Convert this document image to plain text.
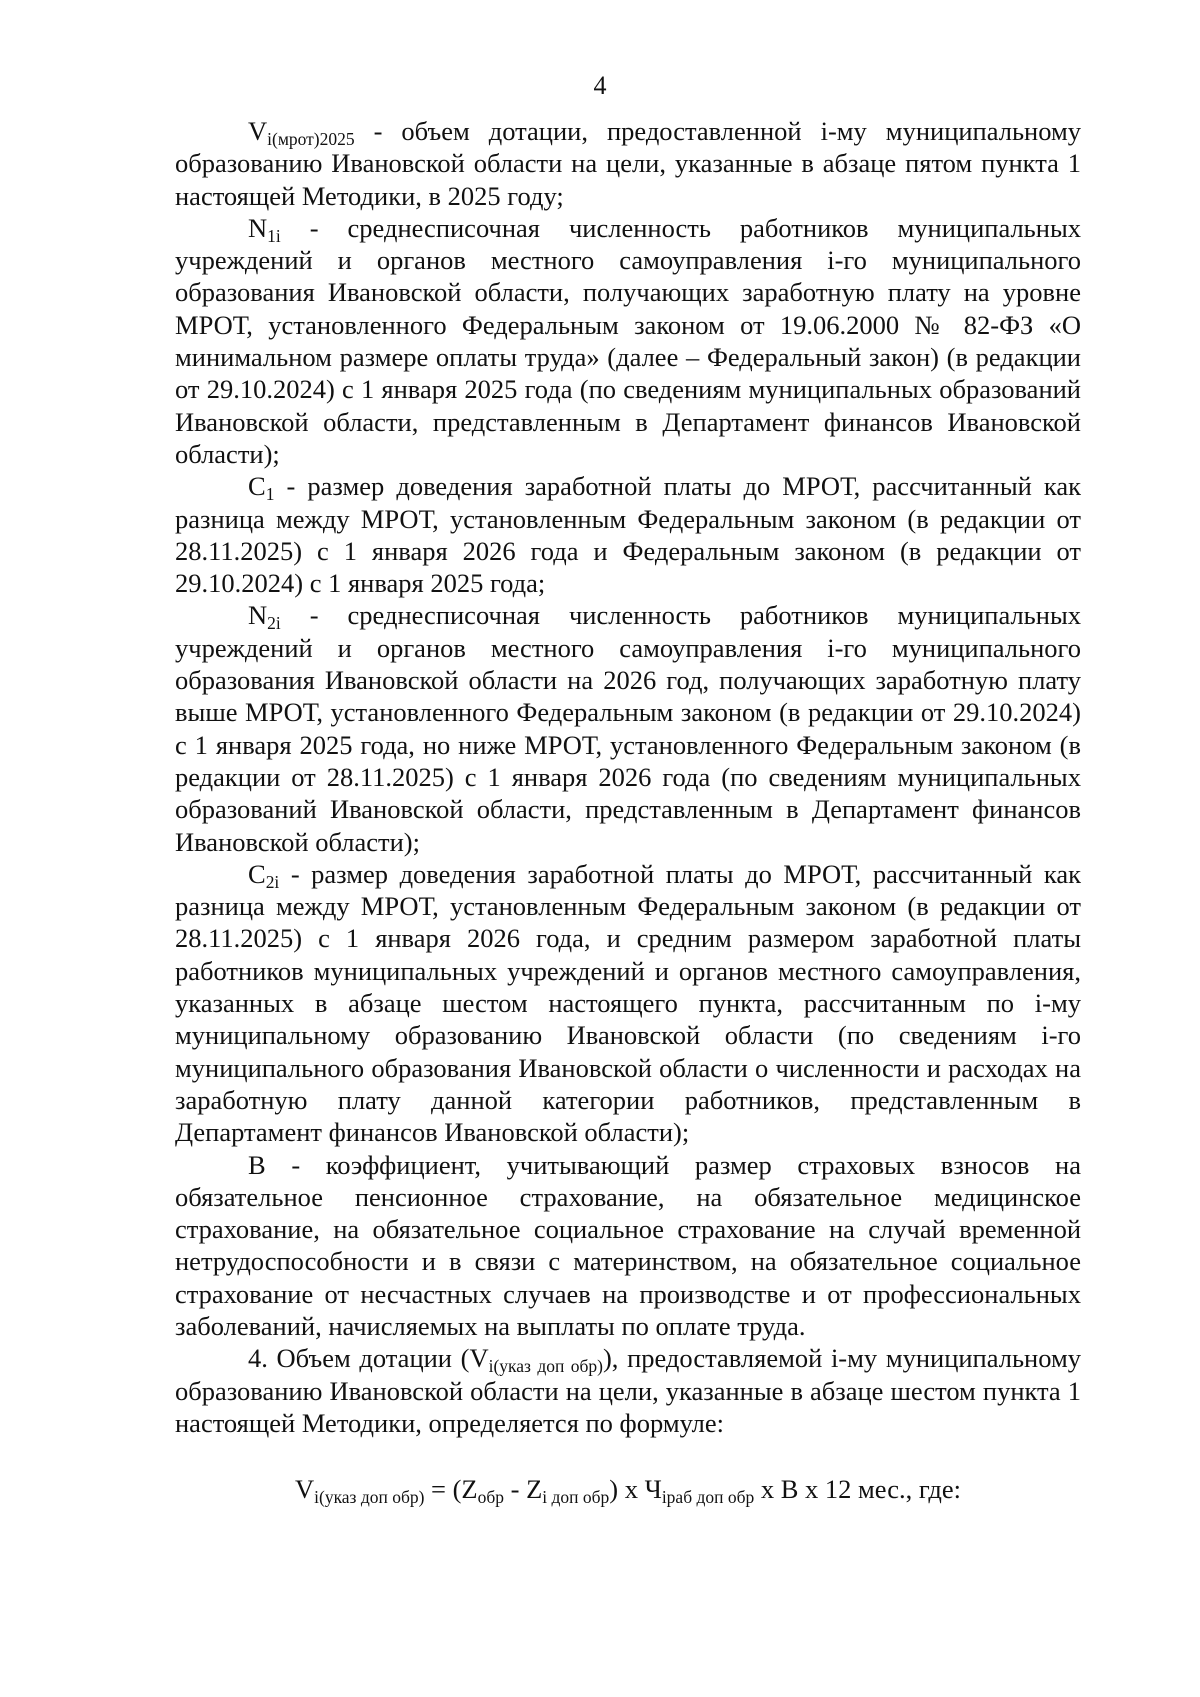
4

$V_{i(мрот)2025}$ - объем дотации, предоставленной i-му муниципальному образованию Ивановской области на цели, указанные в абзаце пятом пункта 1 настоящей Методики, в 2025 году;

$N_{1i}$ - среднесписочная численность работников муниципальных учреждений и органов местного самоуправления i-го муниципального образования Ивановской области, получающих заработную плату на уровне МРОТ, установленного Федеральным законом от 19.06.2000 № 82-ФЗ «О минимальном размере оплаты труда» (далее – Федеральный закон) (в редакции от 29.10.2024) с 1 января 2025 года (по сведениям муниципальных образований Ивановской области, представленным в Департамент финансов Ивановской области);

$C_1$ - размер доведения заработной платы до МРОТ, рассчитанный как разница между МРОТ, установленным Федеральным законом (в редакции от 28.11.2025) с 1 января 2026 года и Федеральным законом (в редакции от 29.10.2024) с 1 января 2025 года;

$N_{2i}$ - среднесписочная численность работников муниципальных учреждений и органов местного самоуправления i-го муниципального образования Ивановской области на 2026 год, получающих заработную плату выше МРОТ, установленного Федеральным законом (в редакции от 29.10.2024) с 1 января 2025 года, но ниже МРОТ, установленного Федеральным законом (в редакции от 28.11.2025) с 1 января 2026 года (по сведениям муниципальных образований Ивановской области, представленным в Департамент финансов Ивановской области);

$C_{2i}$ - размер доведения заработной платы до МРОТ, рассчитанный как разница между МРОТ, установленным Федеральным законом (в редакции от 28.11.2025) с 1 января 2026 года, и средним размером заработной платы работников муниципальных учреждений и органов местного самоуправления, указанных в абзаце шестом настоящего пункта, рассчитанным по i-му муниципальному образованию Ивановской области (по сведениям i-го муниципального образования Ивановской области о численности и расходах на заработную плату данной категории работников, представленным в Департамент финансов Ивановской области);

B - коэффициент, учитывающий размер страховых взносов на обязательное пенсионное страхование, на обязательное медицинское страхование, на обязательное социальное страхование на случай временной нетрудоспособности и в связи с материнством, на обязательное социальное страхование от несчастных случаев на производстве и от профессиональных заболеваний, начисляемых на выплаты по оплате труда.

4. Объем дотации $(V_{i(указ доп обр)})$, предоставляемой i-му муниципальному образованию Ивановской области на цели, указанные в абзаце шестом пункта 1 настоящей Методики, определяется по формуле:

$V_{i(указ доп обр)} = (Z_{обр} - Z_{i доп обр})$ x $Ч_{iраб доп обр}$ x B x 12 мес., где:
